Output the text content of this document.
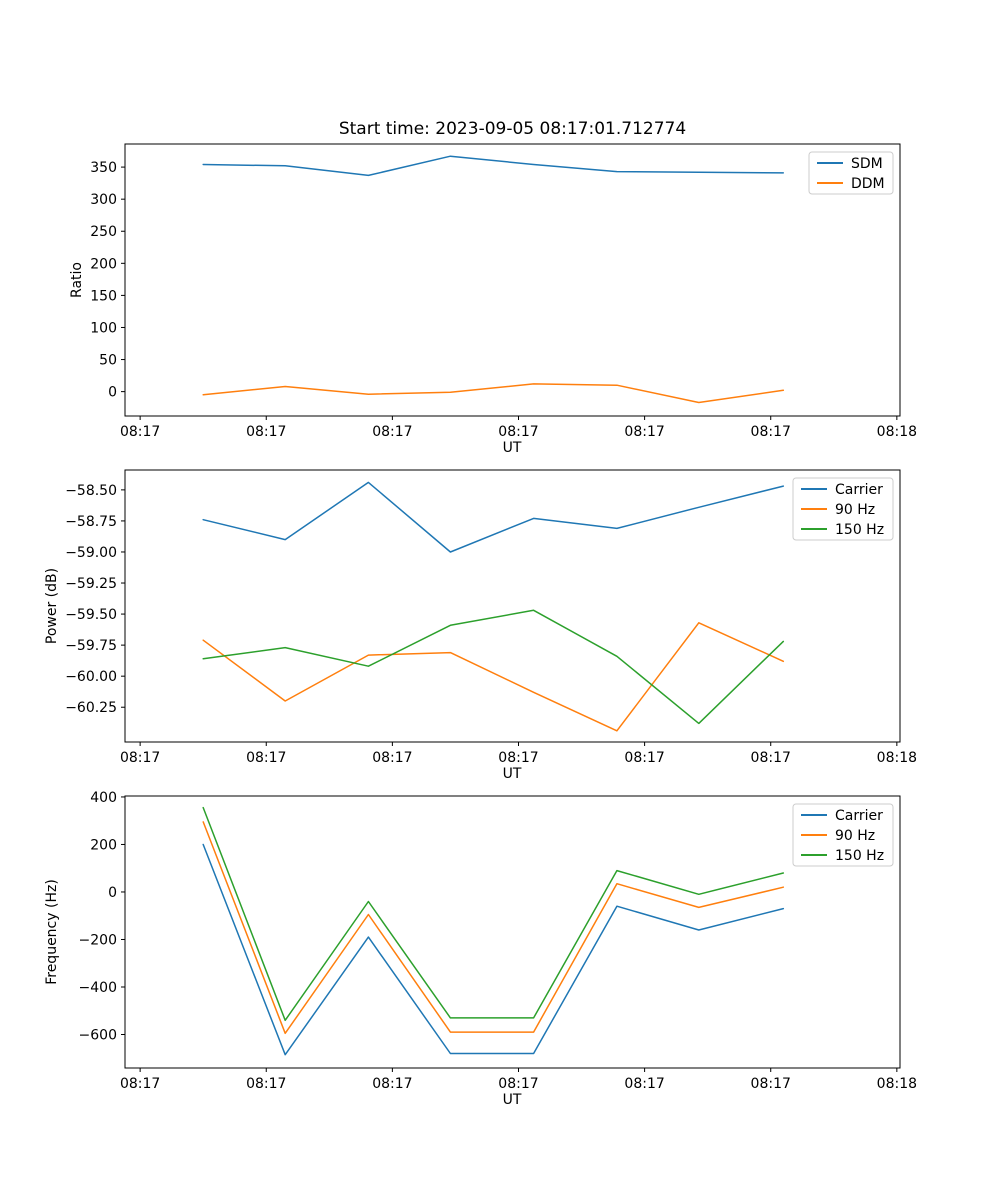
0
50
100
150
200
250
300
350
08:17	08:17	08:17	08:17	08:17	08:17	08:18
SDM
DDM
−58.50
−58.75
−59.00
−59.25
−59.50
−59.75
−60.00
−60.25
08:17	08:17	08:17	08:17	08:17	08:17	08:18
Carrier
90 Hz
150 Hz
400
200
0
−200
−400
−600
08:17	08:17	08:17	08:17	08:17	08:17	08:18
Carrier
90 Hz
150 Hz
Start time: 2023-09-05 08:17:01.712774
Ratio
Power (dB)
Frequency (Hz)
UT
UT
UT
